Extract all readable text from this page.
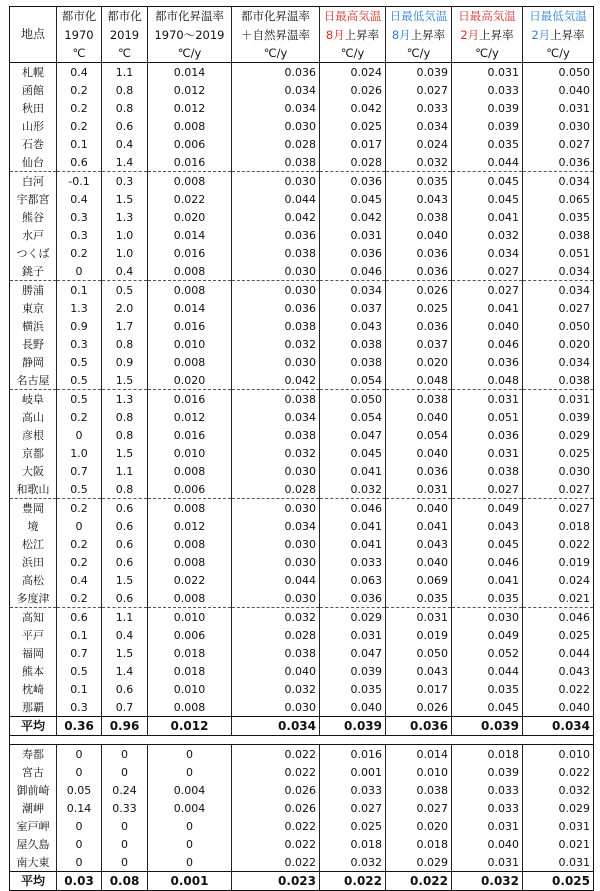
地点	都市化	都市化	都市化昇温率	都市化昇温率	日最高気温	日最低気温	日最高気温	日最低気温
	1970	2019	1970〜2019	＋自然昇温率	8月上昇率	8月上昇率	2月上昇率	2月上昇率
	℃	℃	℃/y	℃/y	℃/y	℃/y	℃/y	℃/y
札幌	0.4	1.1	0.014	0.036	0.024	0.039	0.031	0.050
函館	0.2	0.8	0.012	0.034	0.026	0.027	0.033	0.040
秋田	0.2	0.8	0.012	0.034	0.042	0.033	0.039	0.031
山形	0.2	0.6	0.008	0.030	0.025	0.034	0.039	0.030
石巻	0.1	0.4	0.006	0.028	0.017	0.024	0.035	0.027
仙台	0.6	1.4	0.016	0.038	0.028	0.032	0.044	0.036
白河	-0.1	0.3	0.008	0.030	0.036	0.035	0.045	0.034
宇都宮	0.4	1.5	0.022	0.044	0.045	0.043	0.045	0.065
熊谷	0.3	1.3	0.020	0.042	0.042	0.038	0.041	0.035
水戸	0.3	1.0	0.014	0.036	0.031	0.040	0.032	0.038
つくば	0.2	1.0	0.016	0.038	0.036	0.036	0.034	0.051
銚子	0	0.4	0.008	0.030	0.046	0.036	0.027	0.034
勝浦	0.1	0.5	0.008	0.030	0.034	0.026	0.027	0.034
東京	1.3	2.0	0.014	0.036	0.037	0.025	0.041	0.027
横浜	0.9	1.7	0.016	0.038	0.043	0.036	0.040	0.050
長野	0.3	0.8	0.010	0.032	0.038	0.037	0.046	0.020
静岡	0.5	0.9	0.008	0.030	0.038	0.020	0.036	0.034
名古屋	0.5	1.5	0.020	0.042	0.054	0.048	0.048	0.038
岐阜	0.5	1.3	0.016	0.038	0.050	0.038	0.031	0.031
高山	0.2	0.8	0.012	0.034	0.054	0.040	0.051	0.039
彦根	0	0.8	0.016	0.038	0.047	0.054	0.036	0.029
京都	1.0	1.5	0.010	0.032	0.045	0.040	0.031	0.025
大阪	0.7	1.1	0.008	0.030	0.041	0.036	0.038	0.030
和歌山	0.5	0.8	0.006	0.028	0.032	0.031	0.027	0.027
豊岡	0.2	0.6	0.008	0.030	0.046	0.040	0.049	0.027
境	0	0.6	0.012	0.034	0.041	0.041	0.043	0.018
松江	0.2	0.6	0.008	0.030	0.041	0.043	0.045	0.022
浜田	0.2	0.6	0.008	0.030	0.033	0.040	0.046	0.019
高松	0.4	1.5	0.022	0.044	0.063	0.069	0.041	0.024
多度津	0.2	0.6	0.008	0.030	0.036	0.035	0.035	0.021
高知	0.6	1.1	0.010	0.032	0.029	0.031	0.030	0.046
平戸	0.1	0.4	0.006	0.028	0.031	0.019	0.049	0.025
福岡	0.7	1.5	0.018	0.038	0.047	0.050	0.052	0.044
熊本	0.5	1.4	0.018	0.040	0.039	0.043	0.044	0.043
枕崎	0.1	0.6	0.010	0.032	0.035	0.017	0.035	0.022
那覇	0.3	0.7	0.008	0.030	0.040	0.026	0.045	0.040
平均	0.36	0.96	0.012	0.034	0.039	0.036	0.039	0.034

寿都	0	0	0	0.022	0.016	0.014	0.018	0.010
宮古	0	0	0	0.022	0.001	0.010	0.039	0.022
御前崎	0.05	0.24	0.004	0.026	0.033	0.038	0.033	0.032
潮岬	0.14	0.33	0.004	0.026	0.027	0.027	0.033	0.029
室戸岬	0	0	0	0.022	0.025	0.020	0.031	0.031
屋久島	0	0	0	0.022	0.018	0.018	0.040	0.021
南大東	0	0	0	0.022	0.032	0.029	0.031	0.031
平均	0.03	0.08	0.001	0.023	0.022	0.022	0.032	0.025
